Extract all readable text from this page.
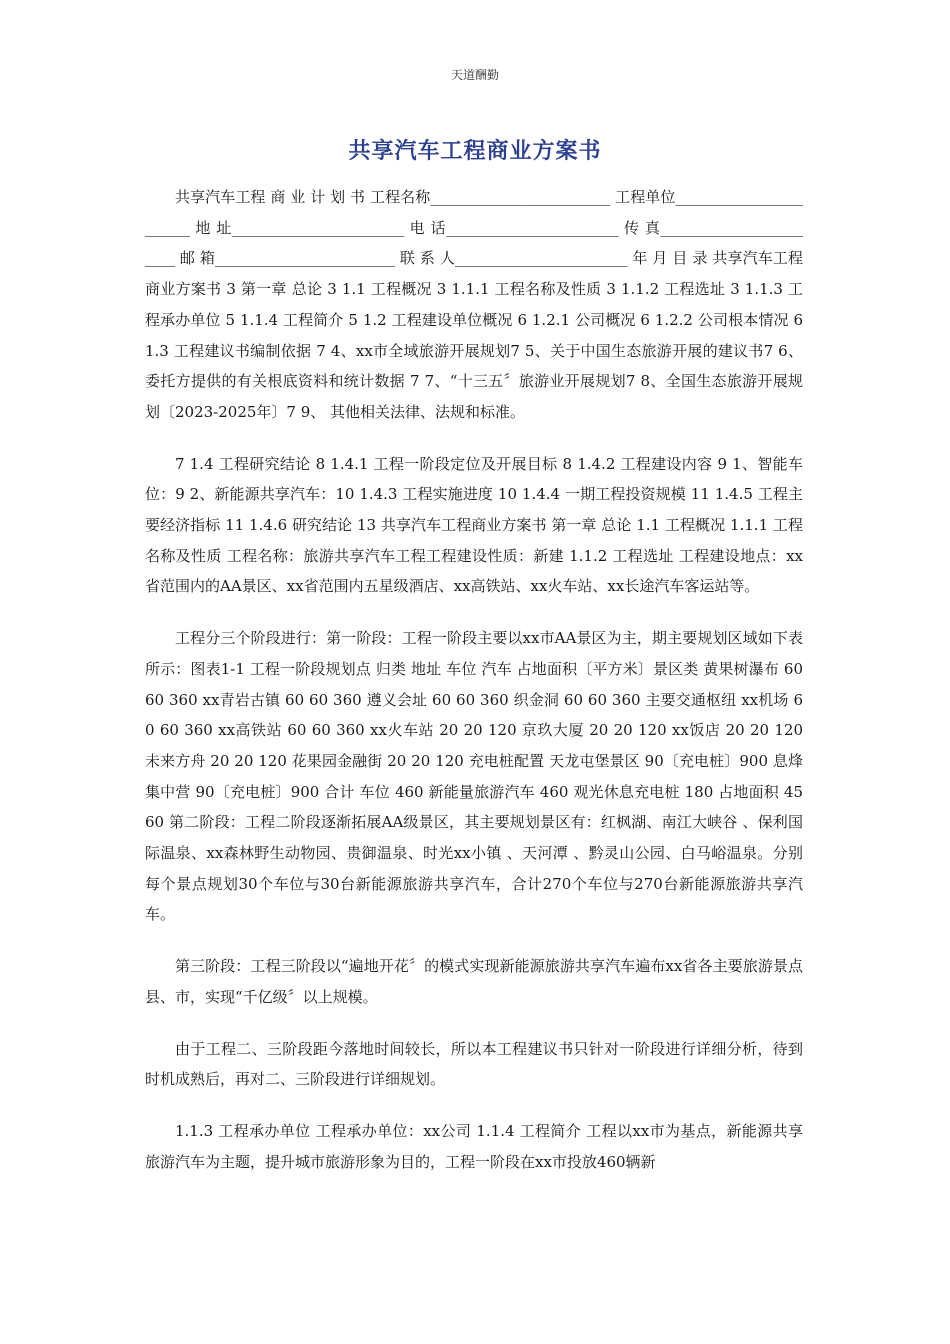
天道酬勤
共享汽车工程商业方案书

共享汽车工程 商 业 计 划 书 工程名称________________________ 工程单位_______________________ 地 址_______________________ 电 话_______________________ 传 真_______________________ 邮 箱________________________ 联 系 人_______________________ 年 月 目 录 共享汽车工程商业方案书 3 第一章 总论 3 1.1 工程概况 3 1.1.1 工程名称及性质 3 1.1.2 工程选址 3 1.1.3 工程承办单位 5 1.1.4 工程简介 5 1.2 工程建设单位概况 6 1.2.1 公司概况 6 1.2.2 公司根本情况 6 1.3 工程建议书编制依据 7 4、xx市全域旅游开展规划7 5、关于中国生态旅游开展的建议书7 6、 委托方提供的有关根底资料和统计数据 7 7、“十三五〞旅游业开展规划7 8、全国生态旅游开展规划〔2023-2025年〕7 9、 其他相关法律、法规和标准。

7 1.4 工程研究结论 8 1.4.1 工程一阶段定位及开展目标 8 1.4.2 工程建设内容 9 1、智能车位：9 2、新能源共享汽车：10 1.4.3 工程实施进度 10 1.4.4 一期工程投资规模 11 1.4.5 工程主要经济指标 11 1.4.6 研究结论 13 共享汽车工程商业方案书 第一章 总论 1.1 工程概况 1.1.1 工程名称及性质 工程名称：旅游共享汽车工程工程建设性质：新建 1.1.2 工程选址 工程建设地点：xx省范围内的AA景区、xx省范围内五星级酒店、xx高铁站、xx火车站、xx长途汽车客运站等。

工程分三个阶段进行：第一阶段：工程一阶段主要以xx市AA景区为主，期主要规划区域如下表所示：图表1-1 工程一阶段规划点 归类 地址 车位 汽车 占地面积〔平方米〕景区类 黄果树瀑布 60 60 360 xx青岩古镇 60 60 360 遵义会址 60 60 360 织金洞 60 60 360 主要交通枢纽 xx机场 60 60 360 xx高铁站 60 60 360 xx火车站 20 20 120 京玖大厦 20 20 120 xx饭店 20 20 120 未来方舟 20 20 120 花果园金融街 20 20 120 充电桩配置 天龙屯堡景区 90〔充电桩〕900 息烽集中营 90〔充电桩〕900 合计 车位 460 新能量旅游汽车 460 观光休息充电桩 180 占地面积 4560 第二阶段：工程二阶段逐渐拓展AA级景区，其主要规划景区有：红枫湖、南江大峡谷 、保利国际温泉、xx森林野生动物园、贵御温泉、时光xx小镇 、天河潭 、黔灵山公园、白马峪温泉。分别每个景点规划30个车位与30台新能源旅游共享汽车，合计270个车位与270台新能源旅游共享汽车。

第三阶段：工程三阶段以“遍地开花〞的模式实现新能源旅游共享汽车遍布xx省各主要旅游景点县、市，实现“千亿级〞以上规模。

由于工程二、三阶段距今落地时间较长，所以本工程建议书只针对一阶段进行详细分析，待到时机成熟后，再对二、三阶段进行详细规划。

1.1.3 工程承办单位 工程承办单位：xx公司 1.1.4 工程简介 工程以xx市为基点，新能源共享旅游汽车为主题，提升城市旅游形象为目的，工程一阶段在xx市投放460辆新
